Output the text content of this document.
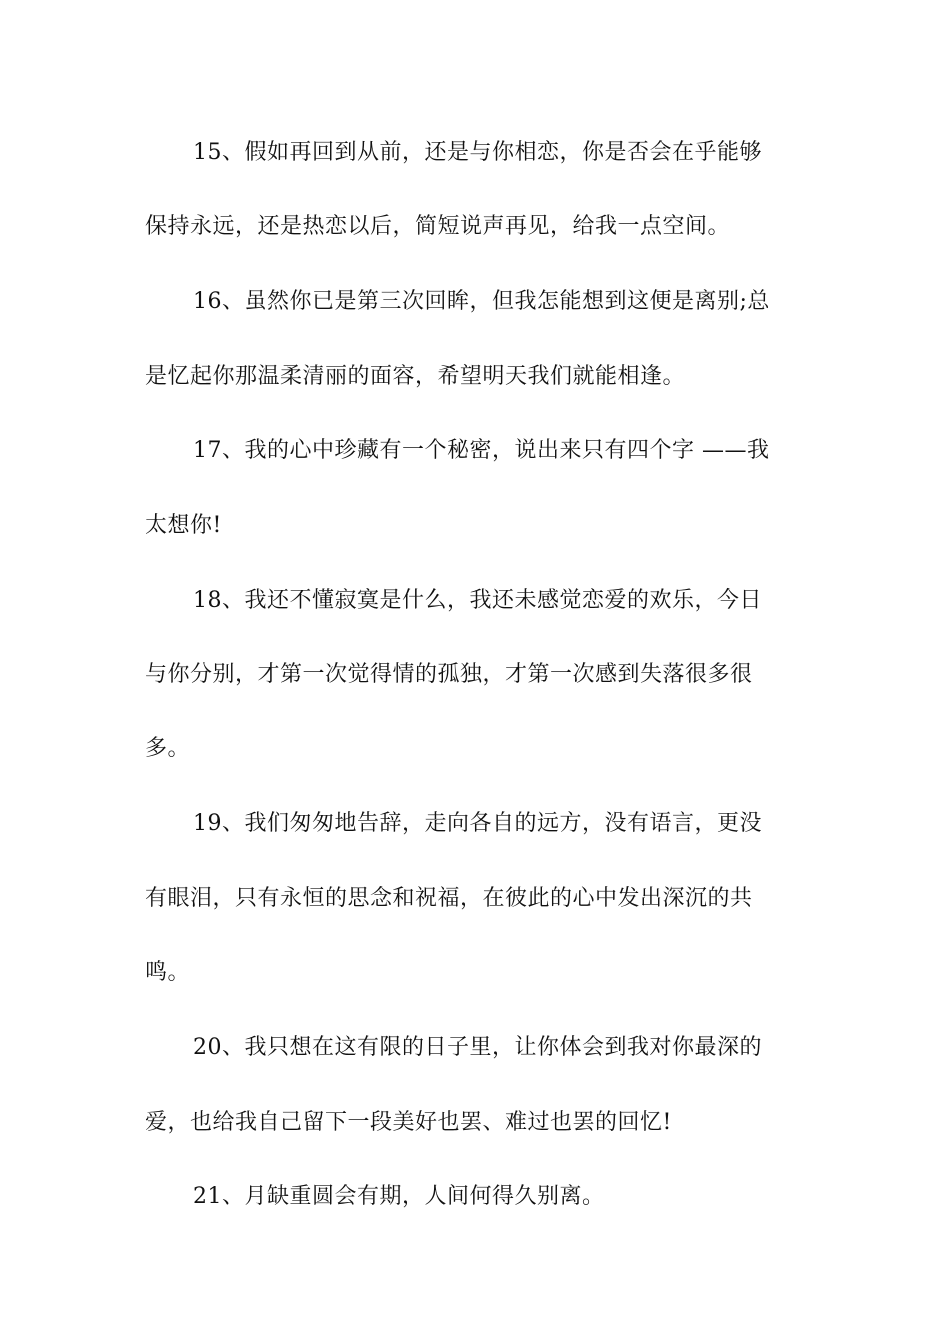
15、假如再回到从前，还是与你相恋，你是否会在乎能够
保持永远，还是热恋以后，简短说声再见，给我一点空间。
16、虽然你已是第三次回眸，但我怎能想到这便是离别;总
是忆起你那温柔清丽的面容，希望明天我们就能相逢。
17、我的心中珍藏有一个秘密，说出来只有四个字 ——我
太想你!
18、我还不懂寂寞是什么，我还未感觉恋爱的欢乐，今日
与你分别，才第一次觉得情的孤独，才第一次感到失落很多很
多。
19、我们匆匆地告辞，走向各自的远方，没有语言，更没
有眼泪，只有永恒的思念和祝福，在彼此的心中发出深沉的共
鸣。
20、我只想在这有限的日子里，让你体会到我对你最深的
爱，也给我自己留下一段美好也罢、难过也罢的回忆!
21、月缺重圆会有期，人间何得久别离。
